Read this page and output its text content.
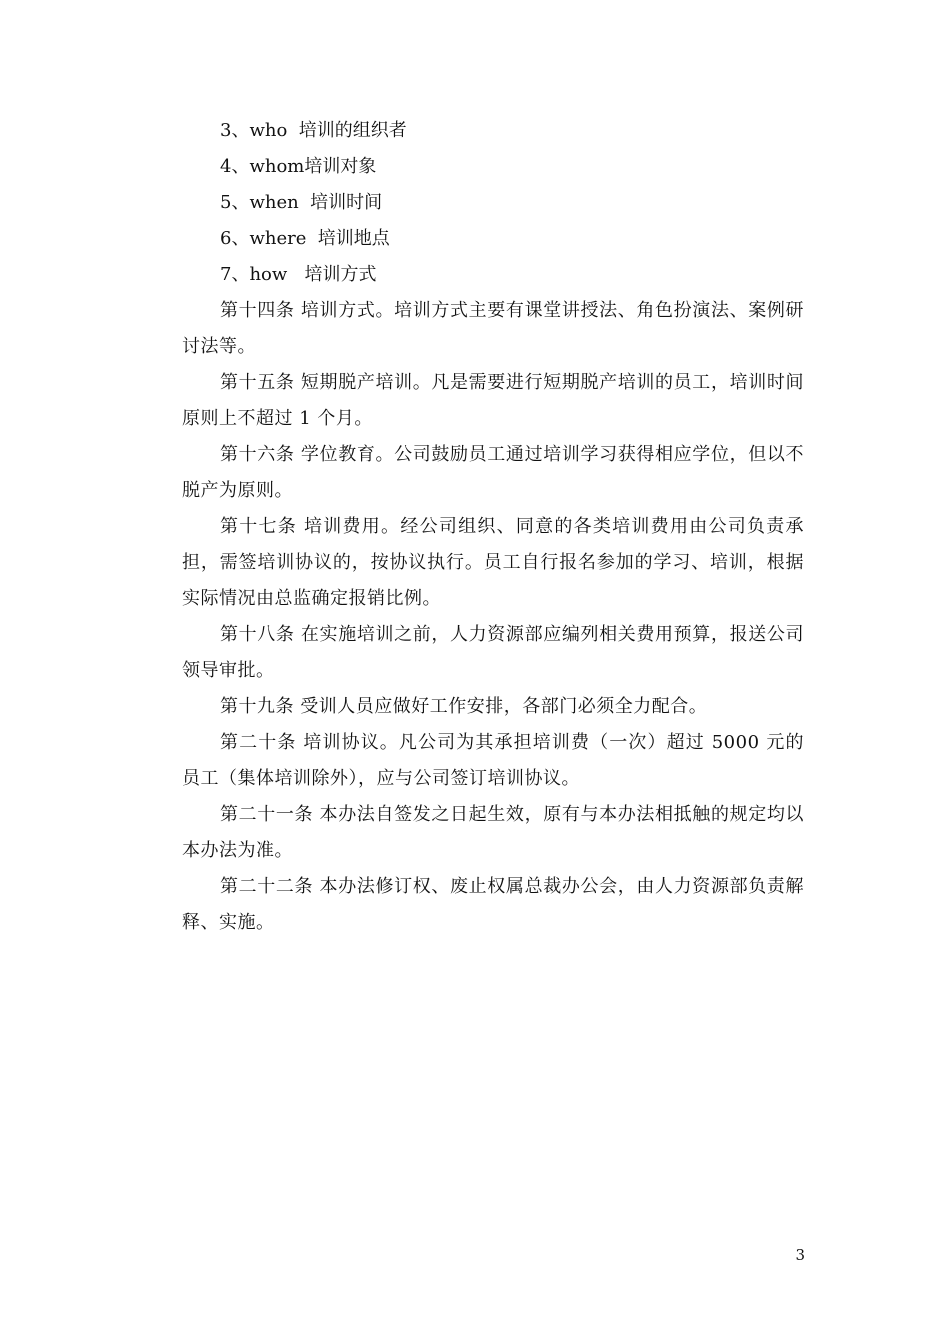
3、who  培训的组织者

4、whom培训对象

5、when  培训时间

6、where  培训地点

7、how   培训方式

第十四条 培训方式。培训方式主要有课堂讲授法、角色扮演法、案例研讨法等。

第十五条 短期脱产培训。凡是需要进行短期脱产培训的员工，培训时间原则上不超过 1 个月。

第十六条 学位教育。公司鼓励员工通过培训学习获得相应学位，但以不脱产为原则。

第十七条 培训费用。经公司组织、同意的各类培训费用由公司负责承担，需签培训协议的，按协议执行。员工自行报名参加的学习、培训，根据实际情况由总监确定报销比例。

第十八条 在实施培训之前，人力资源部应编列相关费用预算，报送公司领导审批。

第十九条 受训人员应做好工作安排，各部门必须全力配合。

第二十条 培训协议。凡公司为其承担培训费（一次）超过 5000 元的员工（集体培训除外），应与公司签订培训协议。

第二十一条 本办法自签发之日起生效，原有与本办法相抵触的规定均以本办法为准。

第二十二条 本办法修订权、废止权属总裁办公会，由人力资源部负责解释、实施。

3
